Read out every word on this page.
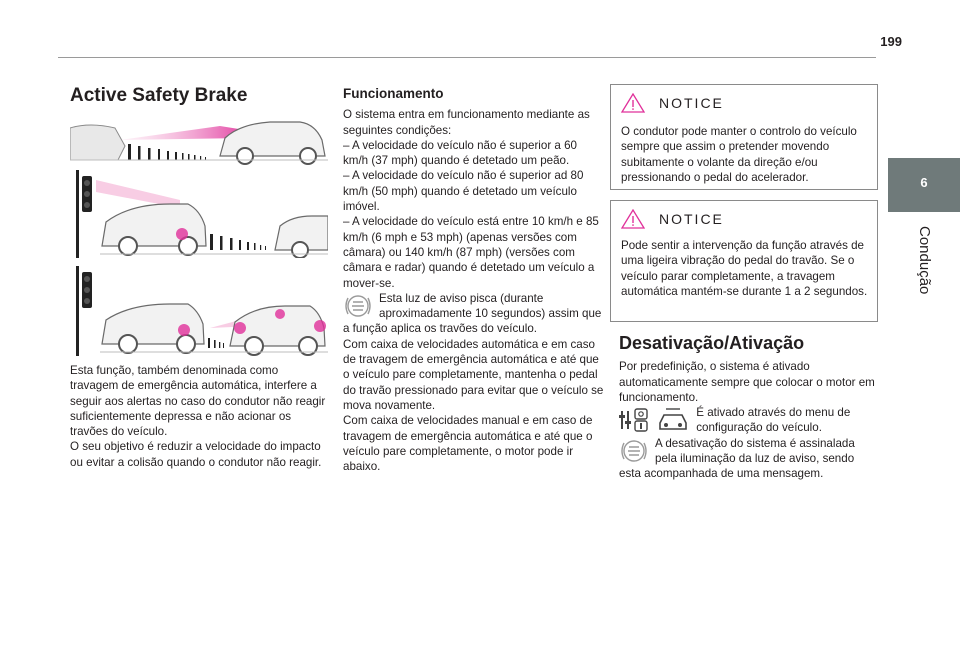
199
6
Condução
Active Safety Brake

Esta função, também denominada como travagem de emergência automática, interfere a seguir aos alertas no caso do condutor não reagir suficientemente depressa e não acionar os travões do veículo.

O seu objetivo é reduzir a velocidade do impacto ou evitar a colisão quando o condutor não reagir.

Funcionamento

O sistema entra em funcionamento mediante as seguintes condições:

– A velocidade do veículo não é superior a 60 km/h (37 mph) quando é detetado um peão.

– A velocidade do veículo não é superior ad 80 km/h (50 mph) quando é detetado um veículo imóvel.

– A velocidade do veículo está entre 10 km/h e 85 km/h (6 mph e 53 mph) (apenas versões com câmara) ou 140 km/h (87 mph) (versões com câmara e radar) quando é detetado um veículo a mover-se.

Esta luz de aviso pisca (durante aproximadamente 10 segundos) assim que a função aplica os travões do veículo.

Com caixa de velocidades automática e em caso de travagem de emergência automática e até que o veículo pare completamente, mantenha o pedal do travão pressionado para evitar que o veículo se mova novamente.

Com caixa de velocidades manual e em caso de travagem de emergência automática e até que o veículo pare completamente, o motor pode ir abaixo.

NOTICE
O condutor pode manter o controlo do veículo sempre que assim o pretender movendo subitamente o volante da direção e/ou pressionando o pedal do acelerador.
NOTICE
Pode sentir a intervenção da função através de uma ligeira vibração do pedal do travão. Se o veículo parar completamente, a travagem automática mantém-se durante 1 a 2 segundos.
Desativação/Ativação

Por predefinição, o sistema é ativado automaticamente sempre que colocar o motor em funcionamento.

É ativado através do menu de configuração do veículo.

A desativação do sistema é assinalada pela iluminação da luz de aviso, sendo esta acompanhada de uma mensagem.
